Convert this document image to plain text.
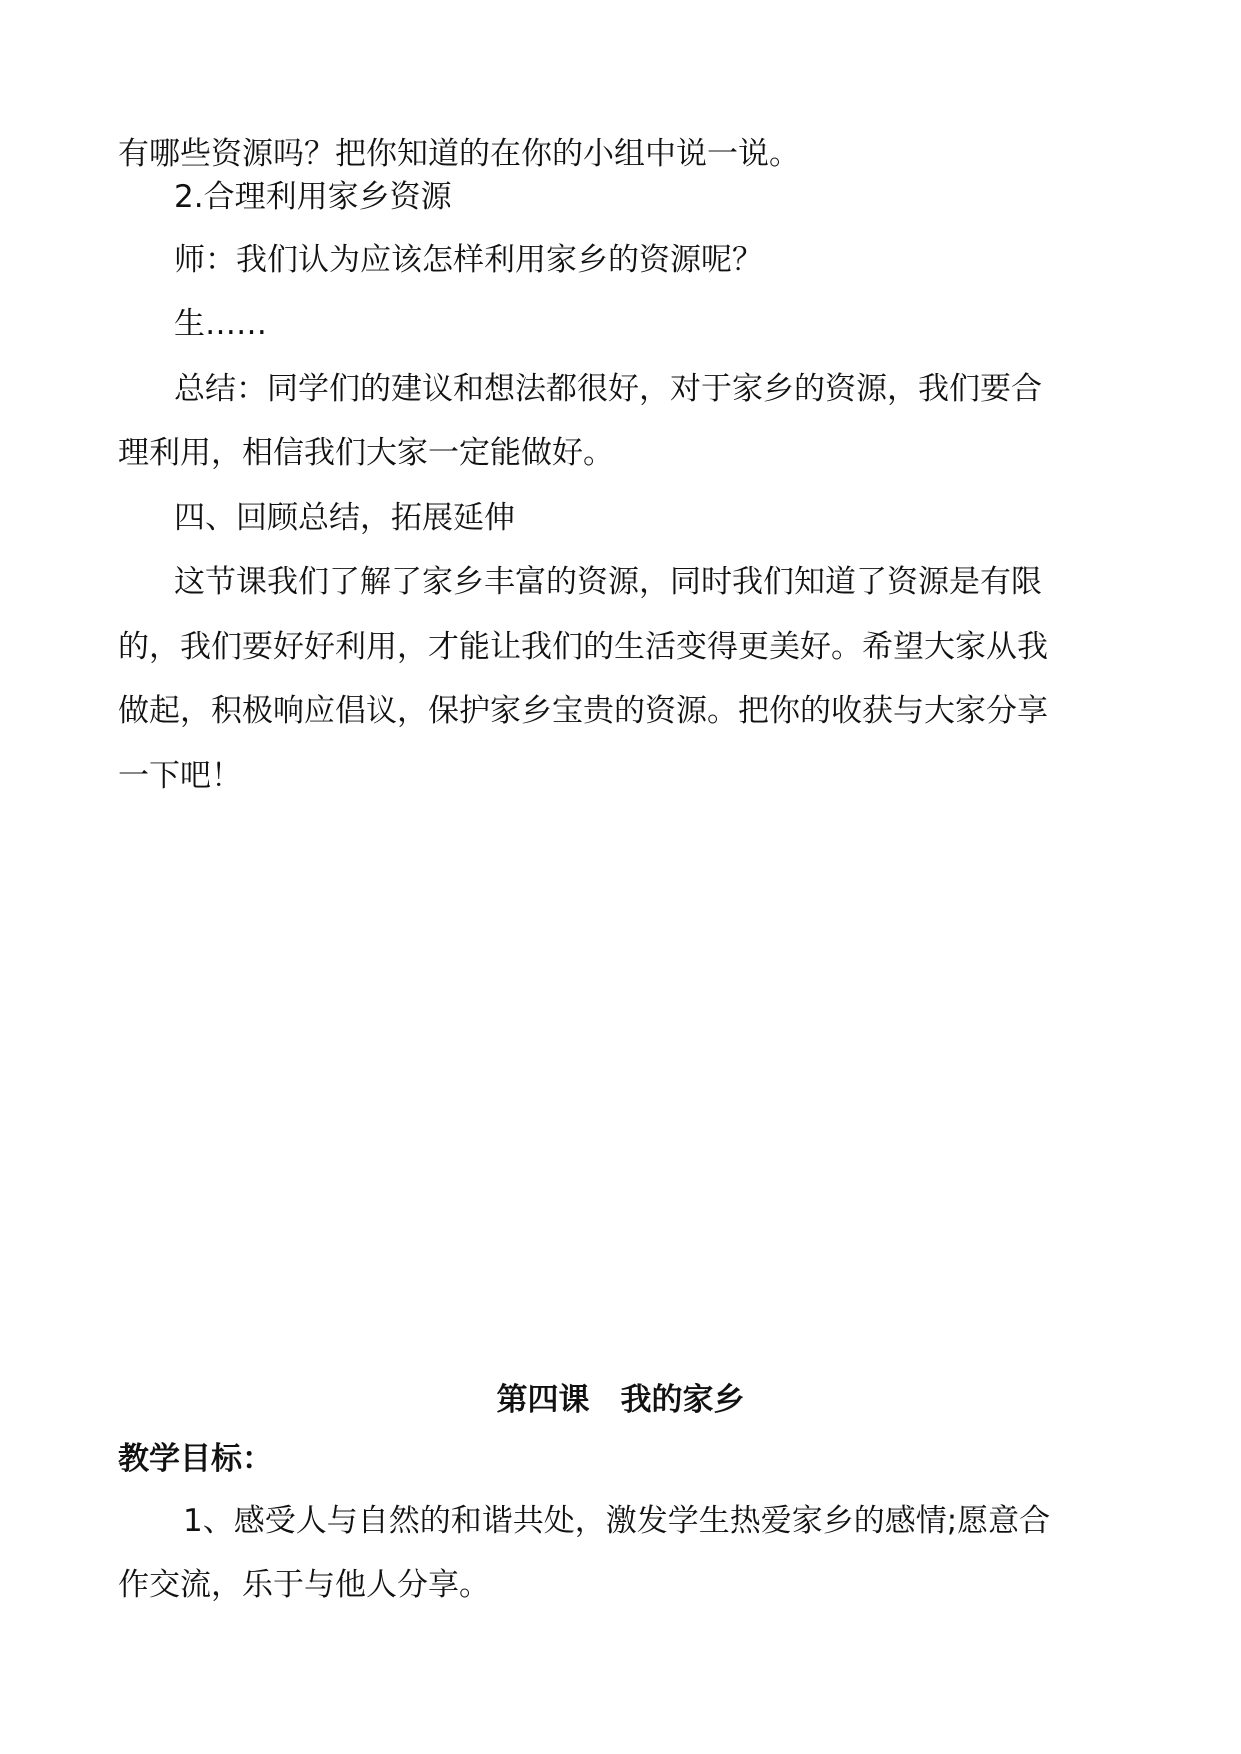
有哪些资源吗？把你知道的在你的小组中说一说。
2.合理利用家乡资源
师：我们认为应该怎样利用家乡的资源呢？
生……
总结：同学们的建议和想法都很好，对于家乡的资源，我们要合
理利用，相信我们大家一定能做好。
四、回顾总结，拓展延伸
这节课我们了解了家乡丰富的资源，同时我们知道了资源是有限
的，我们要好好利用，才能让我们的生活变得更美好。希望大家从我
做起，积极响应倡议，保护家乡宝贵的资源。把你的收获与大家分享
一下吧！
第四课　我的家乡
教学目标：
1、感受人与自然的和谐共处，激发学生热爱家乡的感情;愿意合
作交流，乐于与他人分享。
